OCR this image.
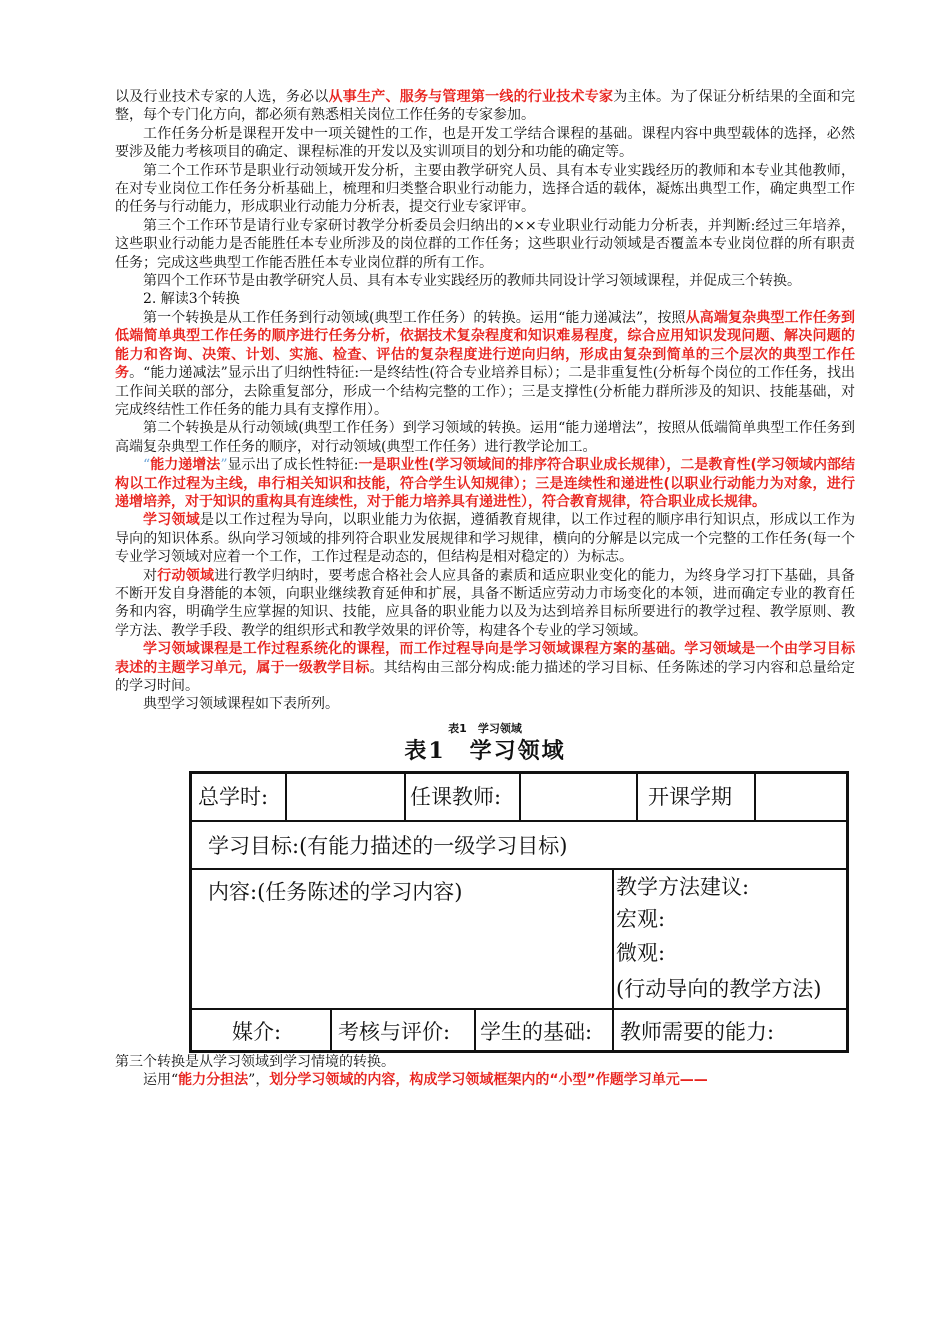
以及行业技术专家的人选，务必以从事生产、服务与管理第一线的行业技术专家为主体。为了保证分析结果的全面和完整，每个专门化方向，都必须有熟悉相关岗位工作任务的专家参加。

工作任务分析是课程开发中一项关键性的工作，也是开发工学结合课程的基础。课程内容中典型载体的选择，必然要涉及能力考核项目的确定、课程标准的开发以及实训项目的划分和功能的确定等。

第二个工作环节是职业行动领域开发分析，主要由教学研究人员、具有本专业实践经历的教师和本专业其他教师，在对专业岗位工作任务分析基础上，梳理和归类整合职业行动能力，选择合适的载体，凝炼出典型工作，确定典型工作的任务与行动能力，形成职业行动能力分析表，提交行业专家评审。

第三个工作环节是请行业专家研讨教学分析委员会归纳出的××专业职业行动能力分析表，并判断:经过三年培养，这些职业行动能力是否能胜任本专业所涉及的岗位群的工作任务；这些职业行动领域是否覆盖本专业岗位群的所有职责任务；完成这些典型工作能否胜任本专业岗位群的所有工作。

第四个工作环节是由教学研究人员、具有本专业实践经历的教师共同设计学习领域课程，并促成三个转换。

2. 解读3个转换

第一个转换是从工作任务到行动领域(典型工作任务）的转换。运用“能力递减法”，按照从高端复杂典型工作任务到低端简单典型工作任务的顺序进行任务分析，依据技术复杂程度和知识难易程度，综合应用知识发现问题、解决问题的能力和咨询、决策、计划、实施、检查、评估的复杂程度进行逆向归纳，形成由复杂到简单的三个层次的典型工作任务。“能力递减法”显示出了归纳性特征:一是终结性(符合专业培养目标）；二是非重复性(分析每个岗位的工作任务，找出工作间关联的部分，去除重复部分，形成一个结构完整的工作）；三是支撑性(分析能力群所涉及的知识、技能基础，对完成终结性工作任务的能力具有支撑作用）。

第二个转换是从行动领域(典型工作任务）到学习领域的转换。运用“能力递增法”，按照从低端简单典型工作任务到高端复杂典型工作任务的顺序，对行动领域(典型工作任务）进行教学论加工。

“能力递增法”显示出了成长性特征:一是职业性(学习领域间的排序符合职业成长规律），二是教育性(学习领域内部结构以工作过程为主线，串行相关知识和技能，符合学生认知规律）；三是连续性和递进性(以职业行动能力为对象，进行递增培养，对于知识的重构具有连续性，对于能力培养具有递进性），符合教育规律，符合职业成长规律。

学习领域是以工作过程为导向，以职业能力为依据，遵循教育规律，以工作过程的顺序串行知识点，形成以工作为导向的知识体系。纵向学习领域的排列符合职业发展规律和学习规律，横向的分解是以完成一个完整的工作任务(每一个专业学习领域对应着一个工作，工作过程是动态的，但结构是相对稳定的）为标志。

对行动领域进行教学归纳时，要考虑合格社会人应具备的素质和适应职业变化的能力，为终身学习打下基础，具备不断开发自身潜能的本领，向职业继续教育延伸和扩展，具备不断适应劳动力市场变化的本领，进而确定专业的教育任务和内容，明确学生应掌握的知识、技能，应具备的职业能力以及为达到培养目标所要进行的教学过程、教学原则、教学方法、教学手段、教学的组织形式和教学效果的评价等，构建各个专业的学习领域。

学习领域课程是工作过程系统化的课程，而工作过程导向是学习领域课程方案的基础。学习领域是一个由学习目标表述的主题学习单元，属于一级教学目标。其结构由三部分构成:能力描述的学习目标、任务陈述的学习内容和总量给定的学习时间。

典型学习领域课程如下表所列。

表1　学习领域
表1　学习领域
总学时:	任课教师:	开课学期
学习目标:(有能力描述的一级学习目标)
内容:(任务陈述的学习内容)	教学方法建议:
宏观:
微观:
(行动导向的教学方法)
媒介:	考核与评价: 学生的基础: 教师需要的能力:

第三个转换是从学习领域到学习情境的转换。

运用“能力分担法”，划分学习领域的内容，构成学习领域框架内的“小型”作题学习单元——
